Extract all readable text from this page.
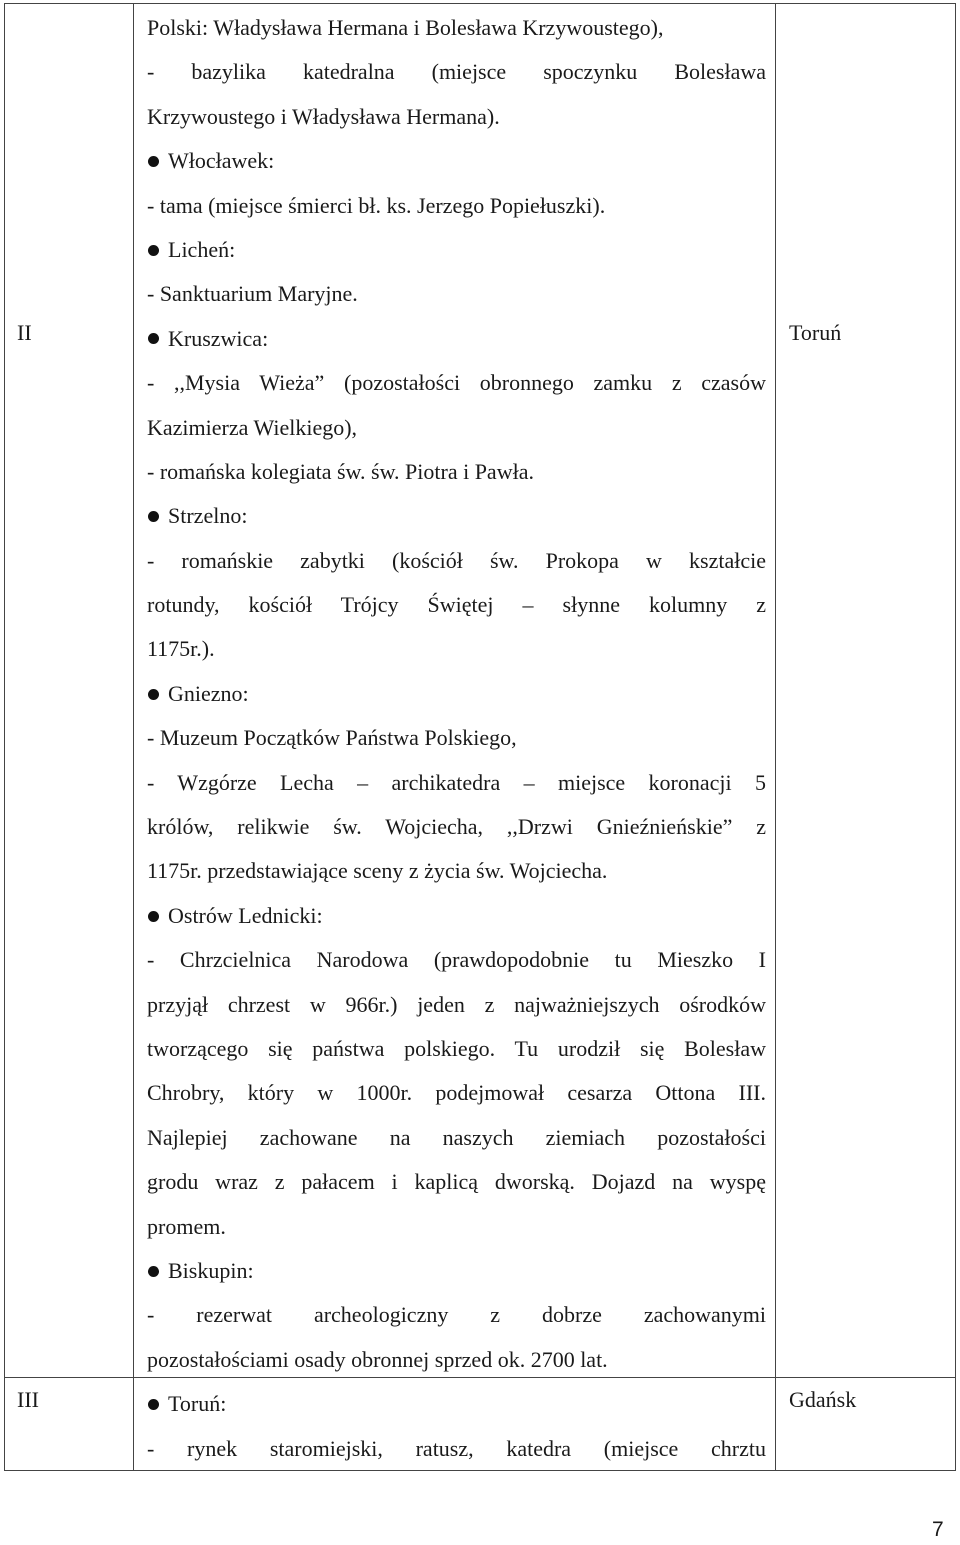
II
III
Toruń
Gdańsk
Polski: Władysława Hermana i Bolesława Krzywoustego),
- bazylika katedralna (miejsce spoczynku Bolesława
Krzywoustego i Władysława Hermana).
Włocławek:
- tama (miejsce śmierci bł. ks. Jerzego Popiełuszki).
Licheń:
- Sanktuarium Maryjne.
Kruszwica:
- ,,Mysia Wieża” (pozostałości obronnego zamku z czasów
Kazimierza Wielkiego),
- romańska kolegiata św. św. Piotra i Pawła.
Strzelno:
- romańskie zabytki (kościół św. Prokopa w kształcie
rotundy, kościół Trójcy Świętej – słynne kolumny z
1175r.).
Gniezno:
- Muzeum Początków Państwa Polskiego,
- Wzgórze Lecha – archikatedra – miejsce koronacji 5
królów, relikwie św. Wojciecha, ,,Drzwi Gnieźnieńskie” z
1175r. przedstawiające sceny z życia św. Wojciecha.
Ostrów Lednicki:
- Chrzcielnica Narodowa (prawdopodobnie tu Mieszko I
przyjął chrzest w 966r.) jeden z najważniejszych ośrodków
tworzącego się państwa polskiego. Tu urodził się Bolesław
Chrobry, który w 1000r. podejmował cesarza Ottona III.
Najlepiej zachowane na naszych ziemiach pozostałości
grodu wraz z pałacem i kaplicą dworską. Dojazd na wyspę
promem.
Biskupin:
- rezerwat archeologiczny z dobrze zachowanymi
pozostałościami osady obronnej sprzed ok. 2700 lat.
Toruń:
- rynek staromiejski, ratusz, katedra (miejsce chrztu
7
